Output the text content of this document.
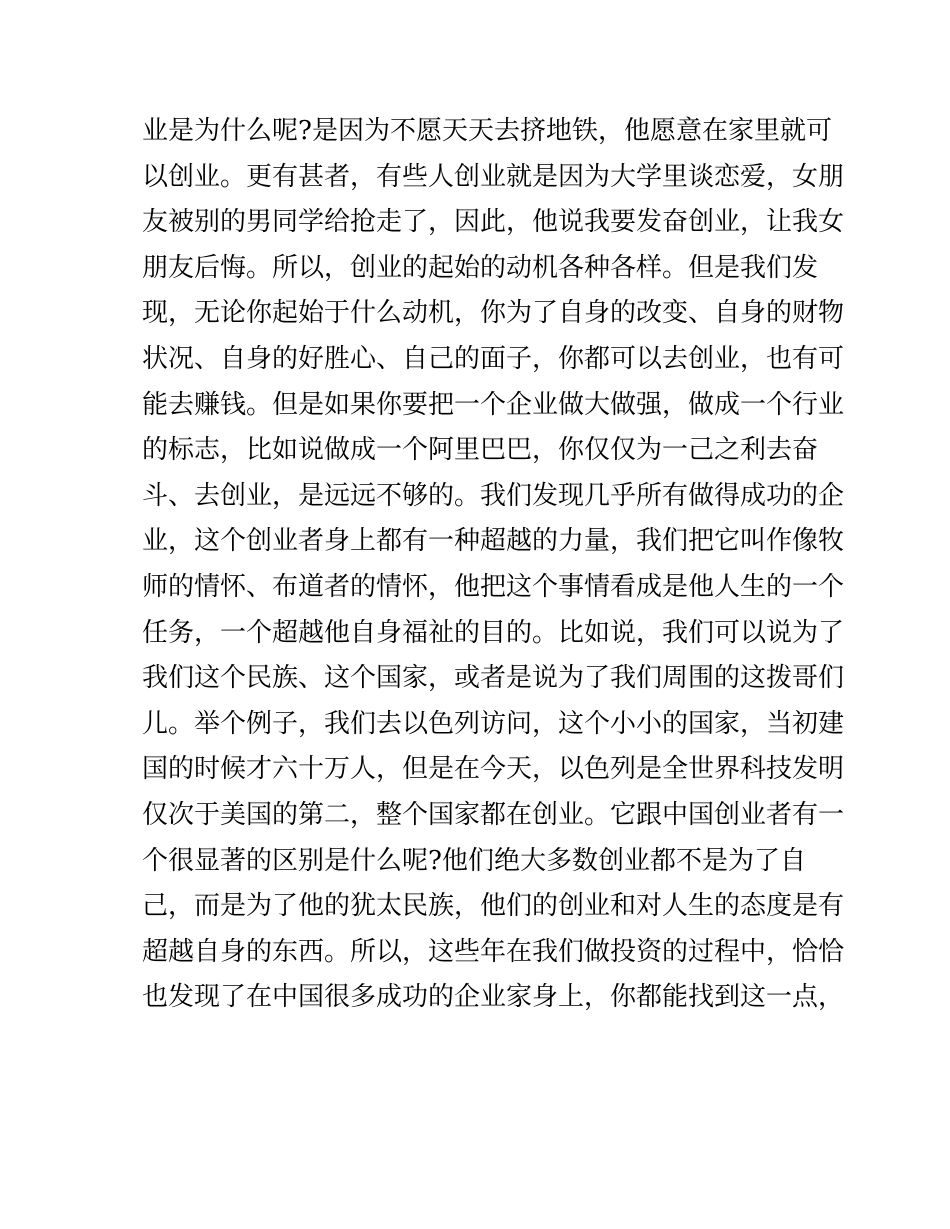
业是为什么呢?是因为不愿天天去挤地铁，他愿意在家里就可
以创业。更有甚者，有些人创业就是因为大学里谈恋爱，女朋
友被别的男同学给抢走了，因此，他说我要发奋创业，让我女
朋友后悔。所以，创业的起始的动机各种各样。但是我们发
现，无论你起始于什么动机，你为了自身的改变、自身的财物
状况、自身的好胜心、自己的面子，你都可以去创业，也有可
能去赚钱。但是如果你要把一个企业做大做强，做成一个行业
的标志，比如说做成一个阿里巴巴，你仅仅为一己之利去奋
斗、去创业，是远远不够的。我们发现几乎所有做得成功的企
业，这个创业者身上都有一种超越的力量，我们把它叫作像牧
师的情怀、布道者的情怀，他把这个事情看成是他人生的一个
任务，一个超越他自身福祉的目的。比如说，我们可以说为了
我们这个民族、这个国家，或者是说为了我们周围的这拨哥们
儿。举个例子，我们去以色列访问，这个小小的国家，当初建
国的时候才六十万人，但是在今天，以色列是全世界科技发明
仅次于美国的第二，整个国家都在创业。它跟中国创业者有一
个很显著的区别是什么呢?他们绝大多数创业都不是为了自
己，而是为了他的犹太民族，他们的创业和对人生的态度是有
超越自身的东西。所以，这些年在我们做投资的过程中，恰恰
也发现了在中国很多成功的企业家身上，你都能找到这一点，
